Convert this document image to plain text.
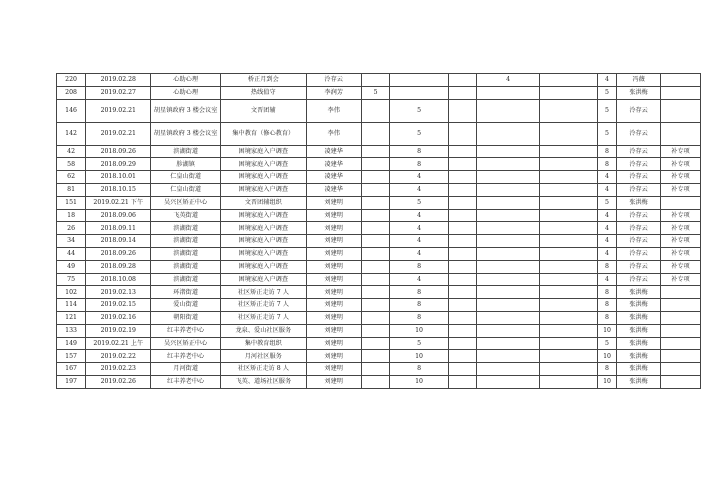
220	2019.02.28	心助心理	桥正月到会	泠存云				4		4	冯薇	
208	2019.02.27	心助心理	热线值守	李润芳	5					5	张洪梅	
146	2019.02.21	胡星镇政府 3 楼会议室	文晋团辅	李伟		5				5	泠存云	
142	2019.02.21	胡星镇政府 3 楼会议室	集中教育（修心教育）	李伟		5				5	泠存云	
42	2018.09.26	滨湖街道	困境家庭入户调查	凌建华		8				8	泠存云	补专项
58	2018.09.29	胗湖镇	困境家庭入户调查	凌建华		8				8	泠存云	补专项
62	2018.10.01	仁皇山街道	困境家庭入户调查	凌建华		4				4	泠存云	补专项
81	2018.10.15	仁皇山街道	困境家庭入户调查	凌建华		4				4	泠存云	补专项
151	2019.02.21 下午	吴兴区矫正中心	文晋团辅组织	刘建明		5				5	张洪梅	
18	2018.09.06	飞英街道	困境家庭入户调查	刘建明		4				4	泠存云	补专项
26	2018.09.11	滨湖街道	困境家庭入户调查	刘建明		4				4	泠存云	补专项
34	2018.09.14	滨湖街道	困境家庭入户调查	刘建明		4				4	泠存云	补专项
44	2018.09.26	滨湖街道	困境家庭入户调查	刘建明		4				4	泠存云	补专项
49	2018.09.28	滨湖街道	困境家庭入户调查	刘建明		8				8	泠存云	补专项
75	2018.10.08	滨湖街道	困境家庭入户调查	刘建明		4				4	泠存云	补专项
102	2019.02.13	环渚街道	社区矫正走访 7 人	刘建明		8				8	张洪梅	
114	2019.02.15	爱山街道	社区矫正走访 7 人	刘建明		8				8	张洪梅	
121	2019.02.16	朝阳街道	社区矫正走访 7 人	刘建明		8				8	张洪梅	
133	2019.02.19	红丰养老中心	龙泉、爱山社区服务	刘建明		10				10	张洪梅	
149	2019.02.21 上午	吴兴区矫正中心	集中教育组织	刘建明		5				5	张洪梅	
157	2019.02.22	红丰养老中心	月河社区服务	刘建明		10				10	张洪梅	
167	2019.02.23	月河街道	社区矫正走访 8 人	刘建明		8				8	张洪梅	
197	2019.02.26	红丰养老中心	飞英、道场社区服务	刘建明		10				10	张洪梅	
